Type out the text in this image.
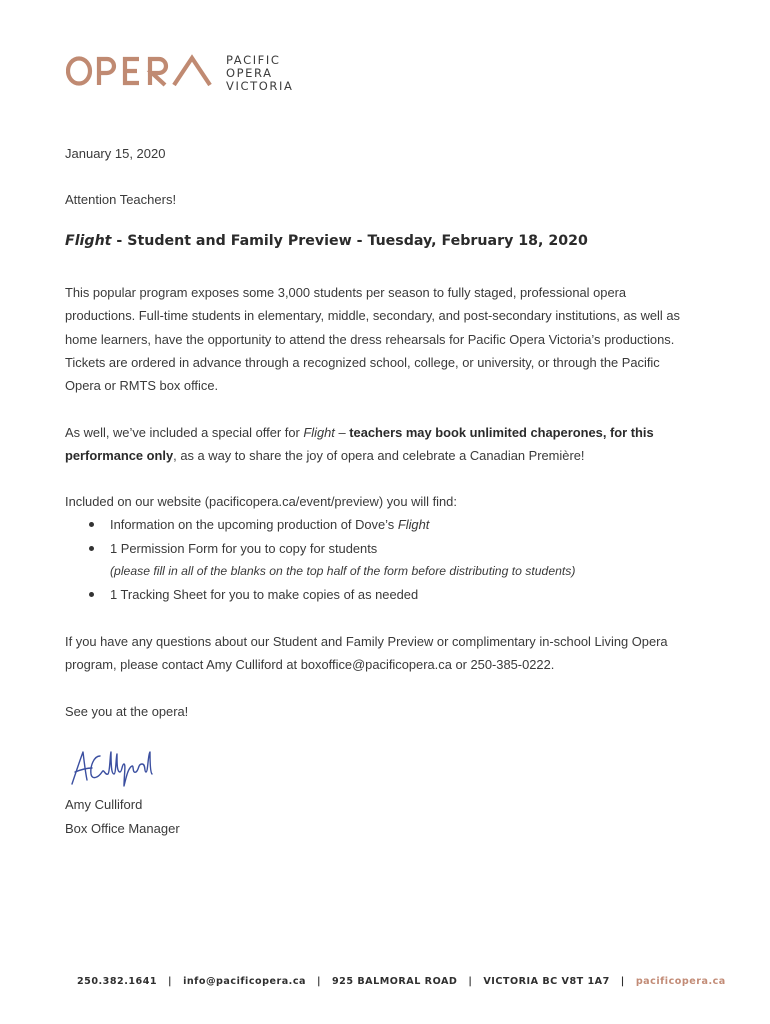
PACIFIC
OPERA
VICTORIA
January 15, 2020
Attention Teachers!
Flight - Student and Family Preview - Tuesday, February 18, 2020
This popular program exposes some 3,000 students per season to fully staged, professional opera
productions. Full-time students in elementary, middle, secondary, and post-secondary institutions, as well as
home learners, have the opportunity to attend the dress rehearsals for Pacific Opera Victoria’s productions.
Tickets are ordered in advance through a recognized school, college, or university, or through the Pacific
Opera or RMTS box office.
As well, we’ve included a special offer for Flight – teachers may book unlimited chaperones, for this
performance only, as a way to share the joy of opera and celebrate a Canadian Première!
Included on our website (pacificopera.ca/event/preview) you will find:
Information on the upcoming production of Dove’s Flight
1 Permission Form for you to copy for students
(please fill in all of the blanks on the top half of the form before distributing to students)
1 Tracking Sheet for you to make copies of as needed
If you have any questions about our Student and Family Preview or complimentary in-school Living Opera
program, please contact Amy Culliford at boxoffice@pacificopera.ca or 250-385-0222.
See you at the opera!
Amy Culliford
Box Office Manager
250.382.1641 | info@pacificopera.ca | 925 BALMORAL ROAD | VICTORIA BC V8T 1A7 | pacificopera.ca
